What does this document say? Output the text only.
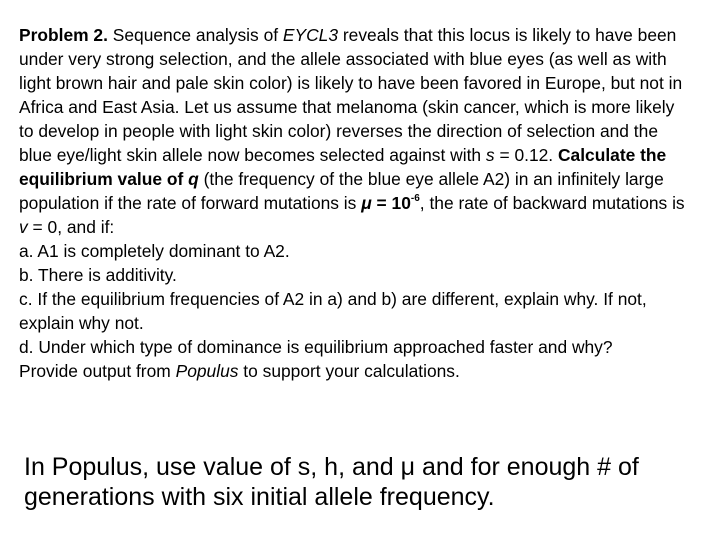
Problem 2. Sequence analysis of EYCL3 reveals that this locus is likely to have been under very strong selection, and the allele associated with blue eyes (as well as with light brown hair and pale skin color) is likely to have been favored in Europe, but not in Africa and East Asia. Let us assume that melanoma (skin cancer, which is more likely to develop in people with light skin color) reverses the direction of selection and the blue eye/light skin allele now becomes selected against with s = 0.12. Calculate the equilibrium value of q (the frequency of the blue eye allele A2) in an infinitely large population if the rate of forward mutations is $\mu = 10^{-6}$, the rate of backward mutations is v = 0, and if:

a. A1 is completely dominant to A2.

b. There is additivity.

c. If the equilibrium frequencies of A2 in a) and b) are different, explain why. If not, explain why not.

d. Under which type of dominance is equilibrium approached faster and why?

Provide output from Populus to support your calculations.

In Populus, use value of s, h, and μ and for enough # of generations with six initial allele frequency.
